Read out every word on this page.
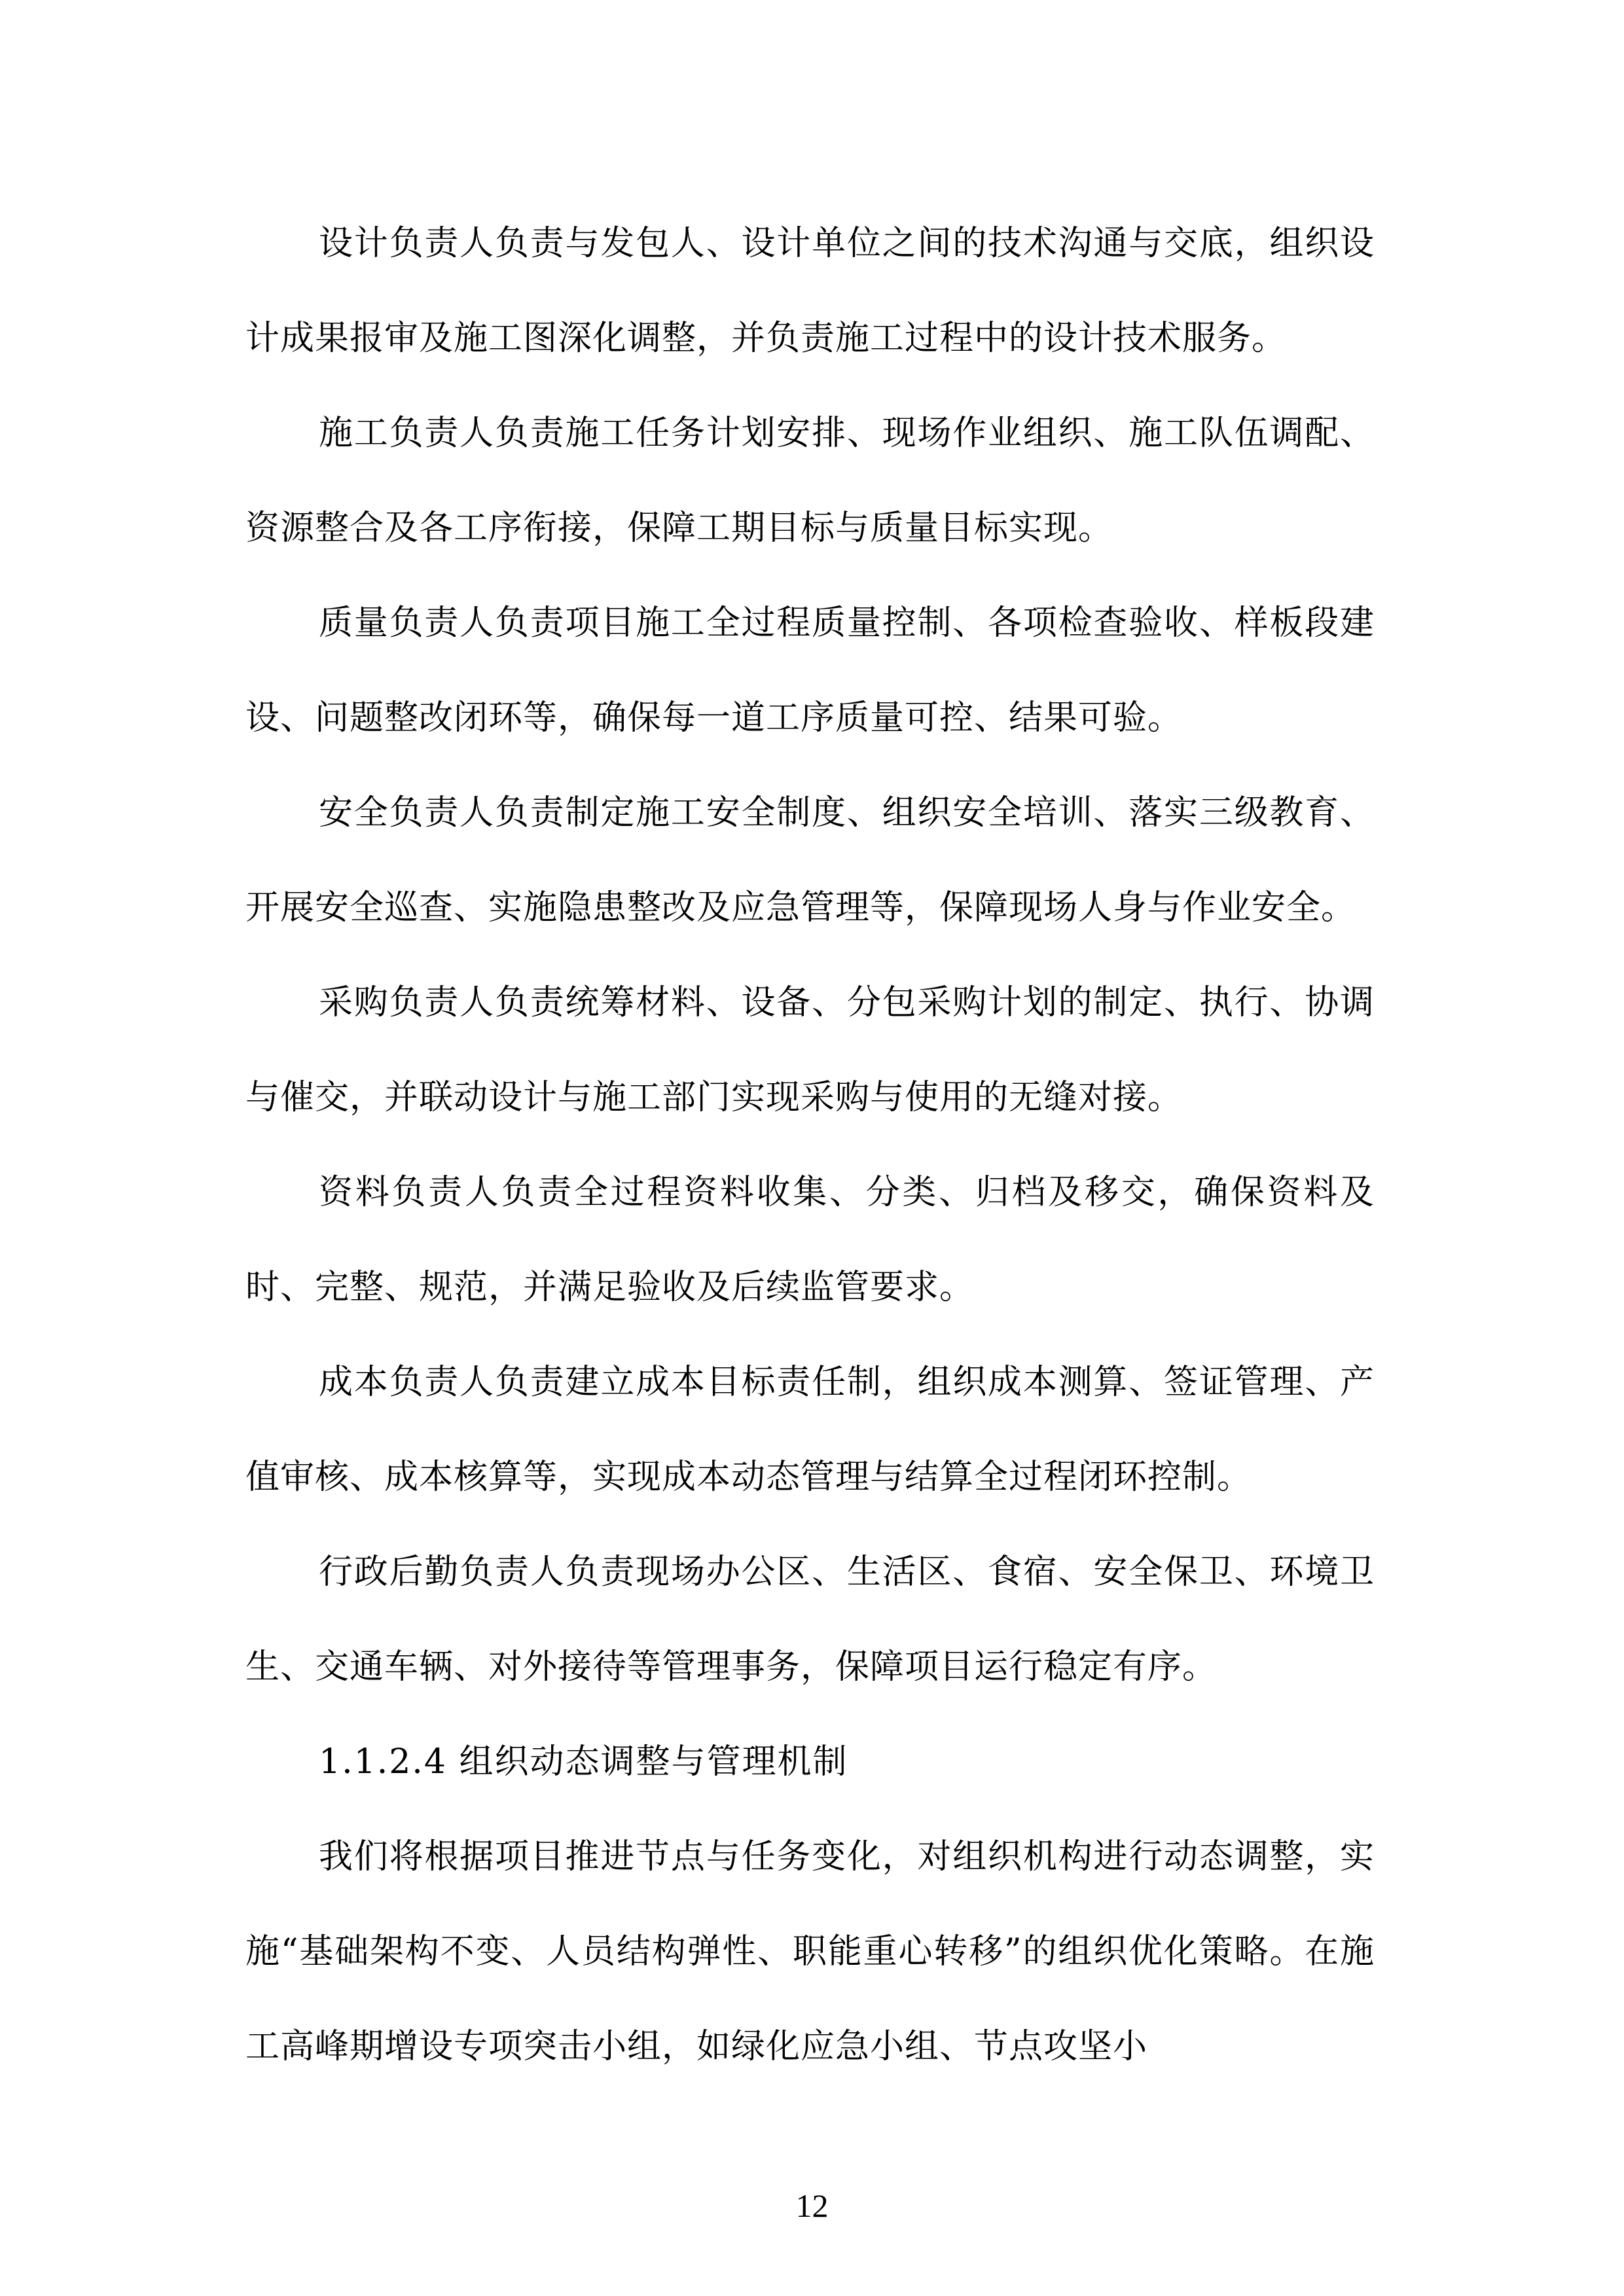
设计负责人负责与发包人、设计单位之间的技术沟通与交底，组织设计成果报审及施工图深化调整，并负责施工过程中的设计技术服务。

施工负责人负责施工任务计划安排、现场作业组织、施工队伍调配、资源整合及各工序衔接，保障工期目标与质量目标实现。

质量负责人负责项目施工全过程质量控制、各项检查验收、样板段建设、问题整改闭环等，确保每一道工序质量可控、结果可验。

安全负责人负责制定施工安全制度、组织安全培训、落实三级教育、开展安全巡查、实施隐患整改及应急管理等，保障现场人身与作业安全。

采购负责人负责统筹材料、设备、分包采购计划的制定、执行、协调与催交，并联动设计与施工部门实现采购与使用的无缝对接。

资料负责人负责全过程资料收集、分类、归档及移交，确保资料及时、完整、规范，并满足验收及后续监管要求。

成本负责人负责建立成本目标责任制，组织成本测算、签证管理、产值审核、成本核算等，实现成本动态管理与结算全过程闭环控制。

行政后勤负责人负责现场办公区、生活区、食宿、安全保卫、环境卫生、交通车辆、对外接待等管理事务，保障项目运行稳定有序。

1.1.2.4 组织动态调整与管理机制

我们将根据项目推进节点与任务变化，对组织机构进行动态调整，实施“基础架构不变、人员结构弹性、职能重心转移”的组织优化策略。在施工高峰期增设专项突击小组，如绿化应急小组、节点攻坚小

12
